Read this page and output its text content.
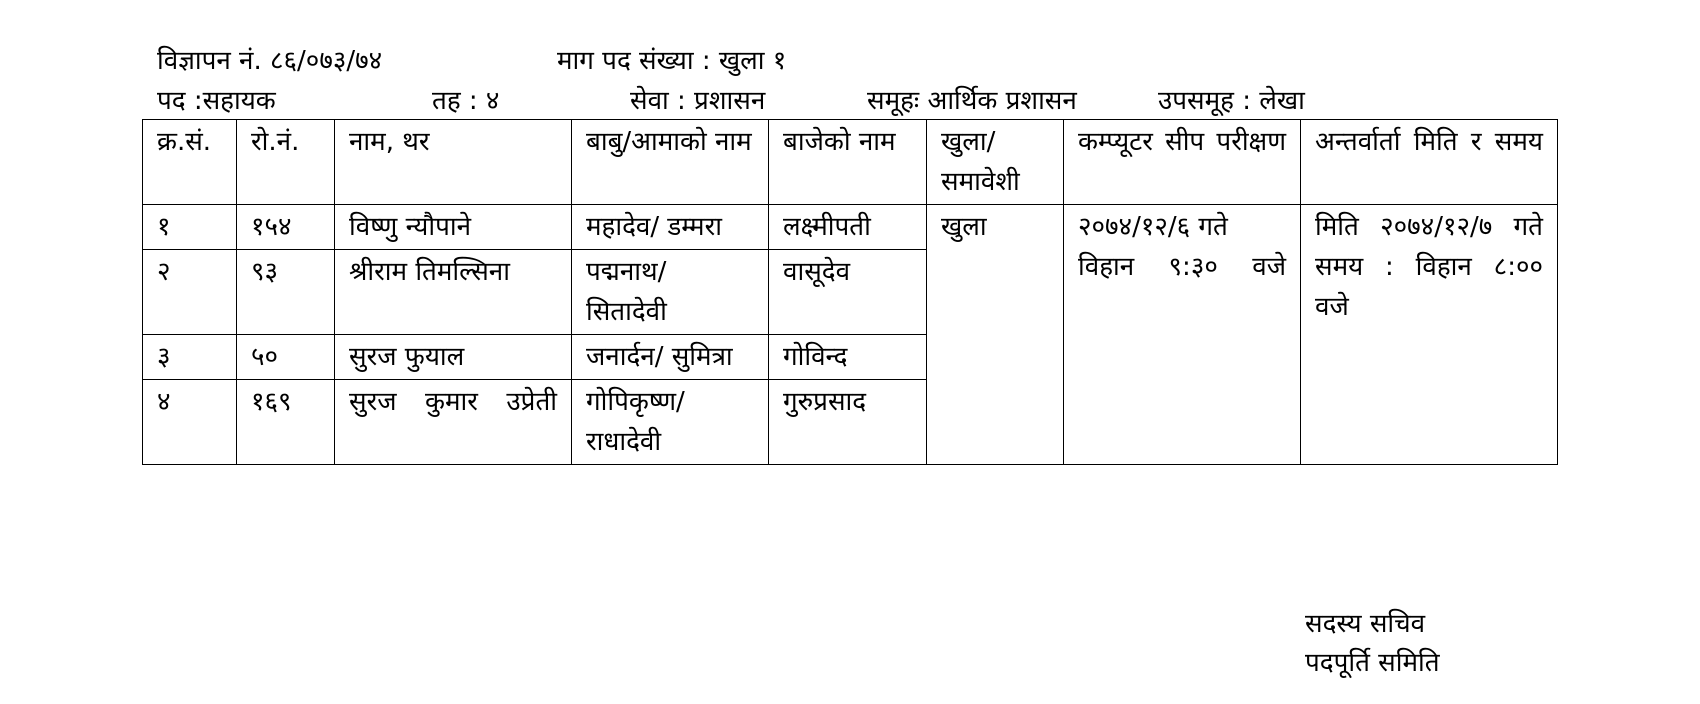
विज्ञापन नं. ८६/०७३/७४	माग पद संख्या : खुला १
पद :सहायक	तह : ४	सेवा : प्रशासन	समूहः आर्थिक प्रशासन	उपसमूह : लेखा
क्र.सं.	रो.नं.	नाम, थर	बाबु/आमाको नाम	बाजेको नाम	खुला/ समावेशी	कम्प्यूटर सीप परीक्षण	अन्तर्वार्ता मिति र समय
१	१५४	विष्णु न्यौपाने	महादेव/ डम्मरा	लक्ष्मीपती	खुला	२०७४/१२/६ गते विहान ९:३० वजे	मिति २०७४/१२/७ गते
समय : विहान ८:०० वजे

२	९३	श्रीराम तिमल्सिना	पद्मनाथ/ सितादेवी	वासूदेव			
३	५०	सुरज फुयाल	जनार्दन/ सुमित्रा	गोविन्द			
४	१६९	सुरज कुमार उप्रेती	गोपिकृष्ण/ राधादेवी	गुरुप्रसाद			
सदस्य सचिव
पदपूर्ति समिति
